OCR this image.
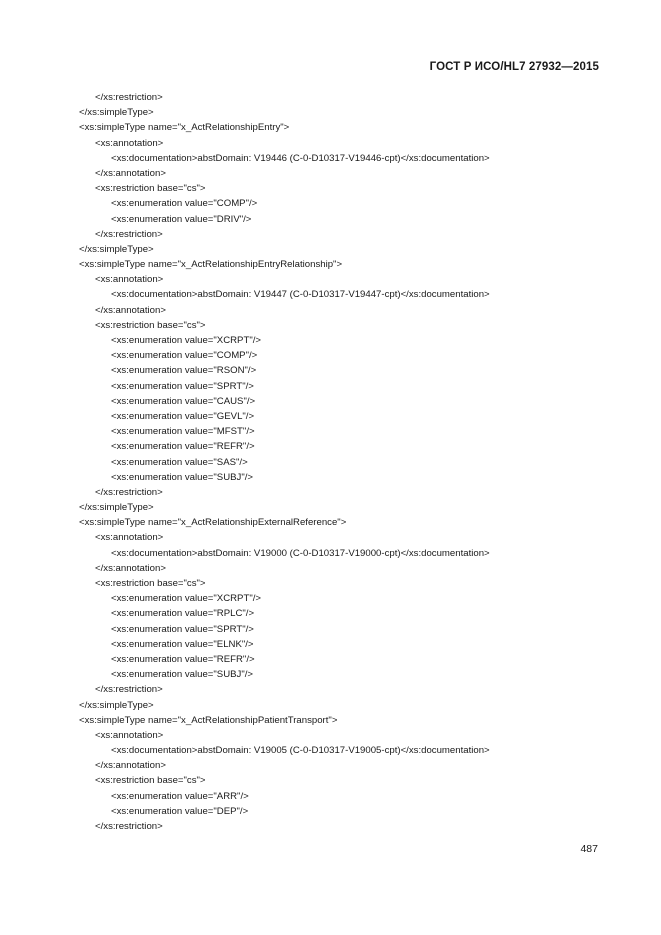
ГОСТ Р ИСО/HL7 27932—2015
</xs:restriction>
</xs:simpleType>
<xs:simpleType name="x_ActRelationshipEntry">
<xs:annotation>
<xs:documentation>abstDomain: V19446 (C-0-D10317-V19446-cpt)</xs:documentation>
</xs:annotation>
<xs:restriction base="cs">
<xs:enumeration value="COMP"/>
<xs:enumeration value="DRIV"/>
</xs:restriction>
</xs:simpleType>
<xs:simpleType name="x_ActRelationshipEntryRelationship">
<xs:annotation>
<xs:documentation>abstDomain: V19447 (C-0-D10317-V19447-cpt)</xs:documentation>
</xs:annotation>
<xs:restriction base="cs">
<xs:enumeration value="XCRPT"/>
<xs:enumeration value="COMP"/>
<xs:enumeration value="RSON"/>
<xs:enumeration value="SPRT"/>
<xs:enumeration value="CAUS"/>
<xs:enumeration value="GEVL"/>
<xs:enumeration value="MFST"/>
<xs:enumeration value="REFR"/>
<xs:enumeration value="SAS"/>
<xs:enumeration value="SUBJ"/>
</xs:restriction>
</xs:simpleType>
<xs:simpleType name="x_ActRelationshipExternalReference">
<xs:annotation>
<xs:documentation>abstDomain: V19000 (C-0-D10317-V19000-cpt)</xs:documentation>
</xs:annotation>
<xs:restriction base="cs">
<xs:enumeration value="XCRPT"/>
<xs:enumeration value="RPLC"/>
<xs:enumeration value="SPRT"/>
<xs:enumeration value="ELNK"/>
<xs:enumeration value="REFR"/>
<xs:enumeration value="SUBJ"/>
</xs:restriction>
</xs:simpleType>
<xs:simpleType name="x_ActRelationshipPatientTransport">
<xs:annotation>
<xs:documentation>abstDomain: V19005 (C-0-D10317-V19005-cpt)</xs:documentation>
</xs:annotation>
<xs:restriction base="cs">
<xs:enumeration value="ARR"/>
<xs:enumeration value="DEP"/>
</xs:restriction>
487
